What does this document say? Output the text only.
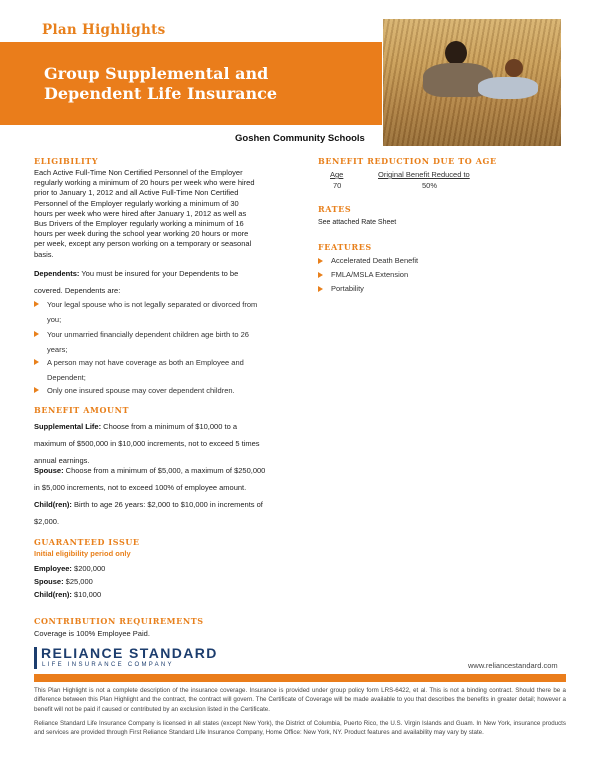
Plan Highlights
Group Supplemental and
Dependent Life Insurance
Goshen Community Schools
ELIGIBILITY
Each Active Full-Time Non Certified Personnel of the Employer
regularly working a minimum of 20 hours per week who were hired
prior to January 1, 2012 and all Active Full-Time Non Certified
Personnel of the Employer regularly working a minimum of 30
hours per week who were hired after January 1, 2012 as well as
Bus Drivers of the Employer regularly working a minimum of 16
hours per week during the school year working 20 hours or more
per week, except any person working on a temporary or seasonal
basis.
Dependents: You must be insured for your Dependents to be
covered. Dependents are:
Your legal spouse who is not legally separated or divorced from
you;
Your unmarried financially dependent children age birth to 26
years;
A person may not have coverage as both an Employee and
Dependent;
Only one insured spouse may cover dependent children.
BENEFIT AMOUNT
Supplemental Life: Choose from a minimum of $10,000 to a
maximum of $500,000 in $10,000 increments, not to exceed 5 times
annual earnings.
Spouse: Choose from a minimum of $5,000, a maximum of $250,000
in $5,000 increments, not to exceed 100% of employee amount.
Child(ren): Birth to age 26 years: $2,000 to $10,000 in increments of
$2,000.
GUARANTEED ISSUE
Initial eligibility period only
Employee: $200,000
Spouse: $25,000
Child(ren): $10,000
CONTRIBUTION REQUIREMENTS
Coverage is 100% Employee Paid.
BENEFIT REDUCTION DUE TO AGE
Age	Original Benefit Reduced to
70	50%
RATES
See attached Rate Sheet
FEATURES
Accelerated Death Benefit
FMLA/MSLA Extension
Portability
RELIANCE STANDARD
LIFE INSURANCE COMPANY	www.reliancestandard.com
This Plan Highlight is not a complete description of the insurance coverage. Insurance is provided under group policy form LRS-6422, et al. This is not a binding contract. Should there be a difference between this Plan Highlight and the contract, the contract will govern. The Certificate of Coverage will be made available to you that describes the benefits in greater detail; however a benefit will not be paid if caused or contributed by an exclusion listed in the Certificate.
Reliance Standard Life Insurance Company is licensed in all states (except New York), the District of Columbia, Puerto Rico, the U.S. Virgin Islands and Guam. In New York, insurance products and services are provided through First Reliance Standard Life Insurance Company, Home Office: New York, NY. Product features and availability may vary by state.
